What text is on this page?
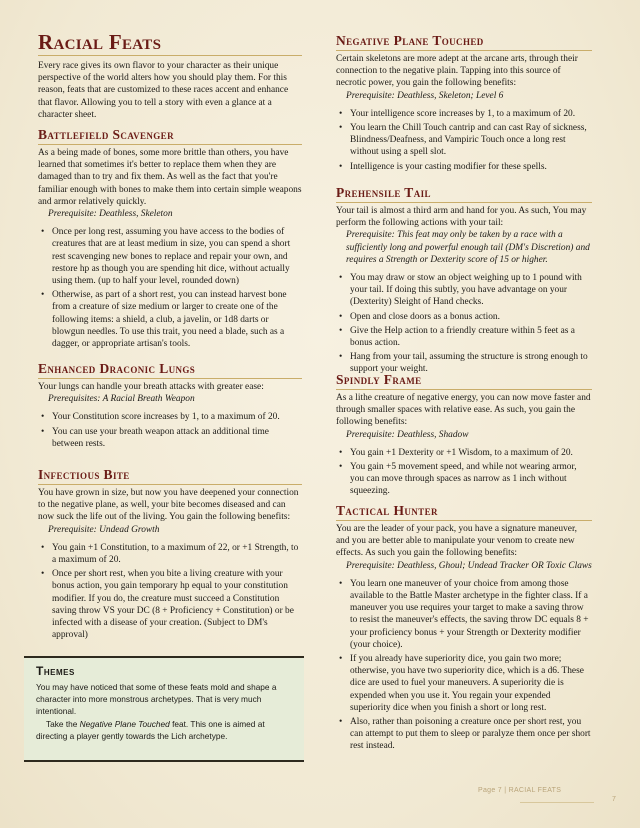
Racial Feats

Every race gives its own flavor to your character as their unique perspective of the world alters how you should play them. For this reason, feats that are customized to these races accent and enhance that flavor. Allowing you to tell a story with even a glance at a character sheet.

Battlefield Scavenger

As a being made of bones, some more brittle than others, you have learned that sometimes it's better to replace them when they are damaged than to try and fix them. As well as the fact that you're familiar enough with bones to make them into certain simple weapons and armor relatively quickly.

Prerequisite: Deathless, Skeleton

• Once per long rest, assuming you have access to the bodies of creatures that are at least medium in size, you can spend a short rest scavenging new bones to replace and repair your own, and restore hp as though you are spending hit dice, without actually using them. (up to half your level, rounded down)
• Otherwise, as part of a short rest, you can instead harvest bone from a creature of size medium or larger to create one of the following items: a shield, a club, a javelin, or 1d8 darts or blowgun needles. To use this trait, you need a blade, such as a dagger, or appropriate artisan's tools.
Enhanced Draconic Lungs

Your lungs can handle your breath attacks with greater ease:

Prerequisites: A Racial Breath Weapon

• Your Constitution score increases by 1, to a maximum of 20.
• You can use your breath weapon attack an additional time between rests.
Infectious Bite

You have grown in size, but now you have deepened your connection to the negative plane, as well, your bite becomes diseased and can now suck the life out of the living. You gain the following benefits:

Prerequisite: Undead Growth

• You gain +1 Constitution, to a maximum of 22, or +1 Strength, to a maximum of 20.
• Once per short rest, when you bite a living creature with your bonus action, you gain temporary hp equal to your constitution modifier. If you do, the creature must succeed a Constitution saving throw VS your DC (8 + Proficiency + Constitution) or be infected with a disease of your creation. (Subject to DM's approval)
Themes

You may have noticed that some of these feats mold and shape a character into more monstrous archetypes. That is very much intentional.

Take the Negative Plane Touched feat. This one is aimed at directing a player gently towards the Lich archetype.

Negative Plane Touched

Certain skeletons are more adept at the arcane arts, through their connection to the negative plain. Tapping into this source of necrotic power, you gain the following benefits:

Prerequisite: Deathless, Skeleton; Level 6

• Your intelligence score increases by 1, to a maximum of 20.
• You learn the Chill Touch cantrip and can cast Ray of sickness, Blindness/Deafness, and Vampiric Touch once a long rest without using a spell slot.
• Intelligence is your casting modifier for these spells.
Prehensile Tail

Your tail is almost a third arm and hand for you. As such, You may perform the following actions with your tail:

Prerequisite: This feat may only be taken by a race with a sufficiently long and powerful enough tail (DM's Discretion) and requires a Strength or Dexterity score of 15 or higher.

• You may draw or stow an object weighing up to 1 pound with your tail. If doing this subtly, you have advantage on your (Dexterity) Sleight of Hand checks.
• Open and close doors as a bonus action.
• Give the Help action to a friendly creature within 5 feet as a bonus action.
• Hang from your tail, assuming the structure is strong enough to support your weight.
Spindly Frame

As a lithe creature of negative energy, you can now move faster and through smaller spaces with relative ease. As such, you gain the following benefits:

Prerequisite: Deathless, Shadow

• You gain +1 Dexterity or +1 Wisdom, to a maximum of 20.
• You gain +5 movement speed, and while not wearing armor, you can move through spaces as narrow as 1 inch without squeezing.
Tactical Hunter

You are the leader of your pack, you have a signature maneuver, and you are better able to manipulate your venom to create new effects. As such you gain the following benefits:

Prerequisite: Deathless, Ghoul; Undead Tracker OR Toxic Claws

• You learn one maneuver of your choice from among those available to the Battle Master archetype in the fighter class. If a maneuver you use requires your target to make a saving throw to resist the maneuver's effects, the saving throw DC equals 8 + your proficiency bonus + your Strength or Dexterity modifier (your choice).
• If you already have superiority dice, you gain two more; otherwise, you have two superiority dice, which is a d6. These dice are used to fuel your maneuvers. A superiority die is expended when you use it. You regain your expended superiority dice when you finish a short or long rest.
• Also, rather than poisoning a creature once per short rest, you can attempt to put them to sleep or paralyze them once per short rest instead.
Page 7 | RACIAL FEATS
7
